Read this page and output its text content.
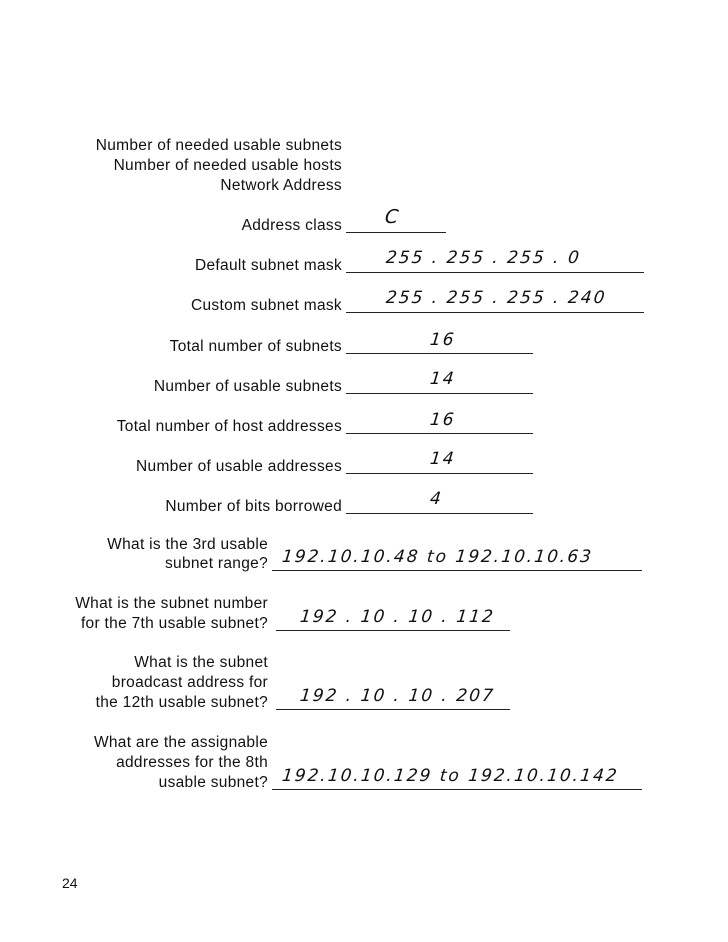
Number of needed usable subnets
Number of needed usable hosts
Network Address
Address class C
Default subnet mask	255 . 255 . 255 . 0
Custom subnet mask	255 . 255 . 255 . 240
Total number of subnets	16
Number of usable subnets	14
Total number of host addresses	16
Number of usable addresses	14
Number of bits borrowed	4
What is the 3rd usable
subnet range? 192.10.10.48 to 192.10.10.63
What is the subnet number
for the 7th usable subnet? 192 . 10 . 10 . 112
What is the subnet
broadcast address for
the 12th usable subnet? 192 . 10 . 10 . 207
What are the assignable
addresses for the 8th
usable subnet? 192.10.10.129 to 192.10.10.142
24
